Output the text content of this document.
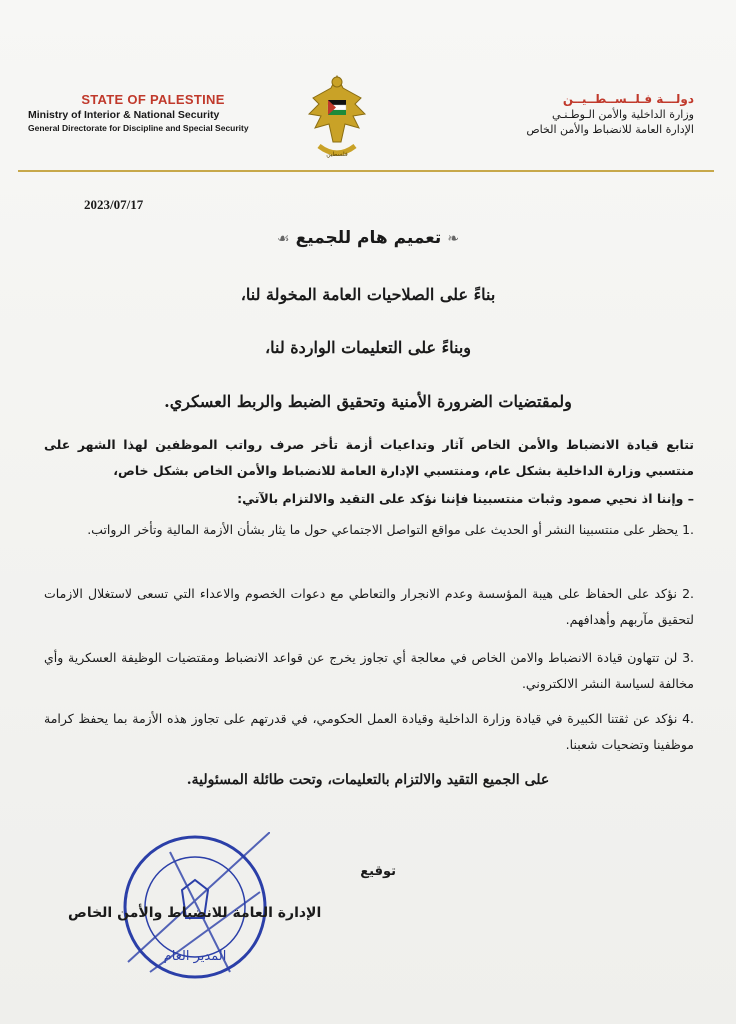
STATE OF PALESTINE
Ministry of Interior & National Security
General Directorate for Discipline and Special Security
فلسطين
دولـــة فـلــســطــيــن
وزارة الداخلية والأمن الـوطـنـي
الإدارة العامة للانضباط والأمن الخاص
2023/07/17
❧تعميم هام للجميع☙
بناءً على الصلاحيات العامة المخولة لنا،
وبناءً على التعليمات الواردة لنا،
ولمقتضيات الضرورة الأمنية وتحقيق الضبط والربط العسكري.
تتابع قيادة الانضباط والأمن الخاص آثار وتداعيات أزمة تأخر صرف رواتب الموظفين لهذا الشهر على منتسبي وزارة الداخلية بشكل عام، ومنتسبي الإدارة العامة للانضباط والأمن الخاص بشكل خاص،
– وإننا اذ نحيي صمود وثبات منتسبينا فإننا نؤكد على التقيد والالتزام بالآتي:
.1 يحظر على منتسبينا النشر أو الحديث على مواقع التواصل الاجتماعي حول ما يثار بشأن الأزمة المالية وتأخر الرواتب.
.2 نؤكد على الحفاظ على هيبة المؤسسة وعدم الانجرار والتعاطي مع دعوات الخصوم والاعداء التي تسعى لاستغلال الازمات لتحقيق مآربهم وأهدافهم.
.3 لن تتهاون قيادة الانضباط والامن الخاص في معالجة أي تجاوز يخرج عن قواعد الانضباط ومقتضيات الوظيفة العسكرية وأي مخالفة لسياسة النشر الالكتروني.
.4 نؤكد عن ثقتنا الكبيرة في قيادة وزارة الداخلية وقيادة العمل الحكومي، في قدرتهم على تجاوز هذه الأزمة بما يحفظ كرامة موظفينا وتضحيات شعبنا.
على الجميع التقيد والالتزام بالتعليمات، وتحت طائلة المسئولية.
المدير العام
توقيع
الإدارة العامة للانضباط والأمن الخاص
